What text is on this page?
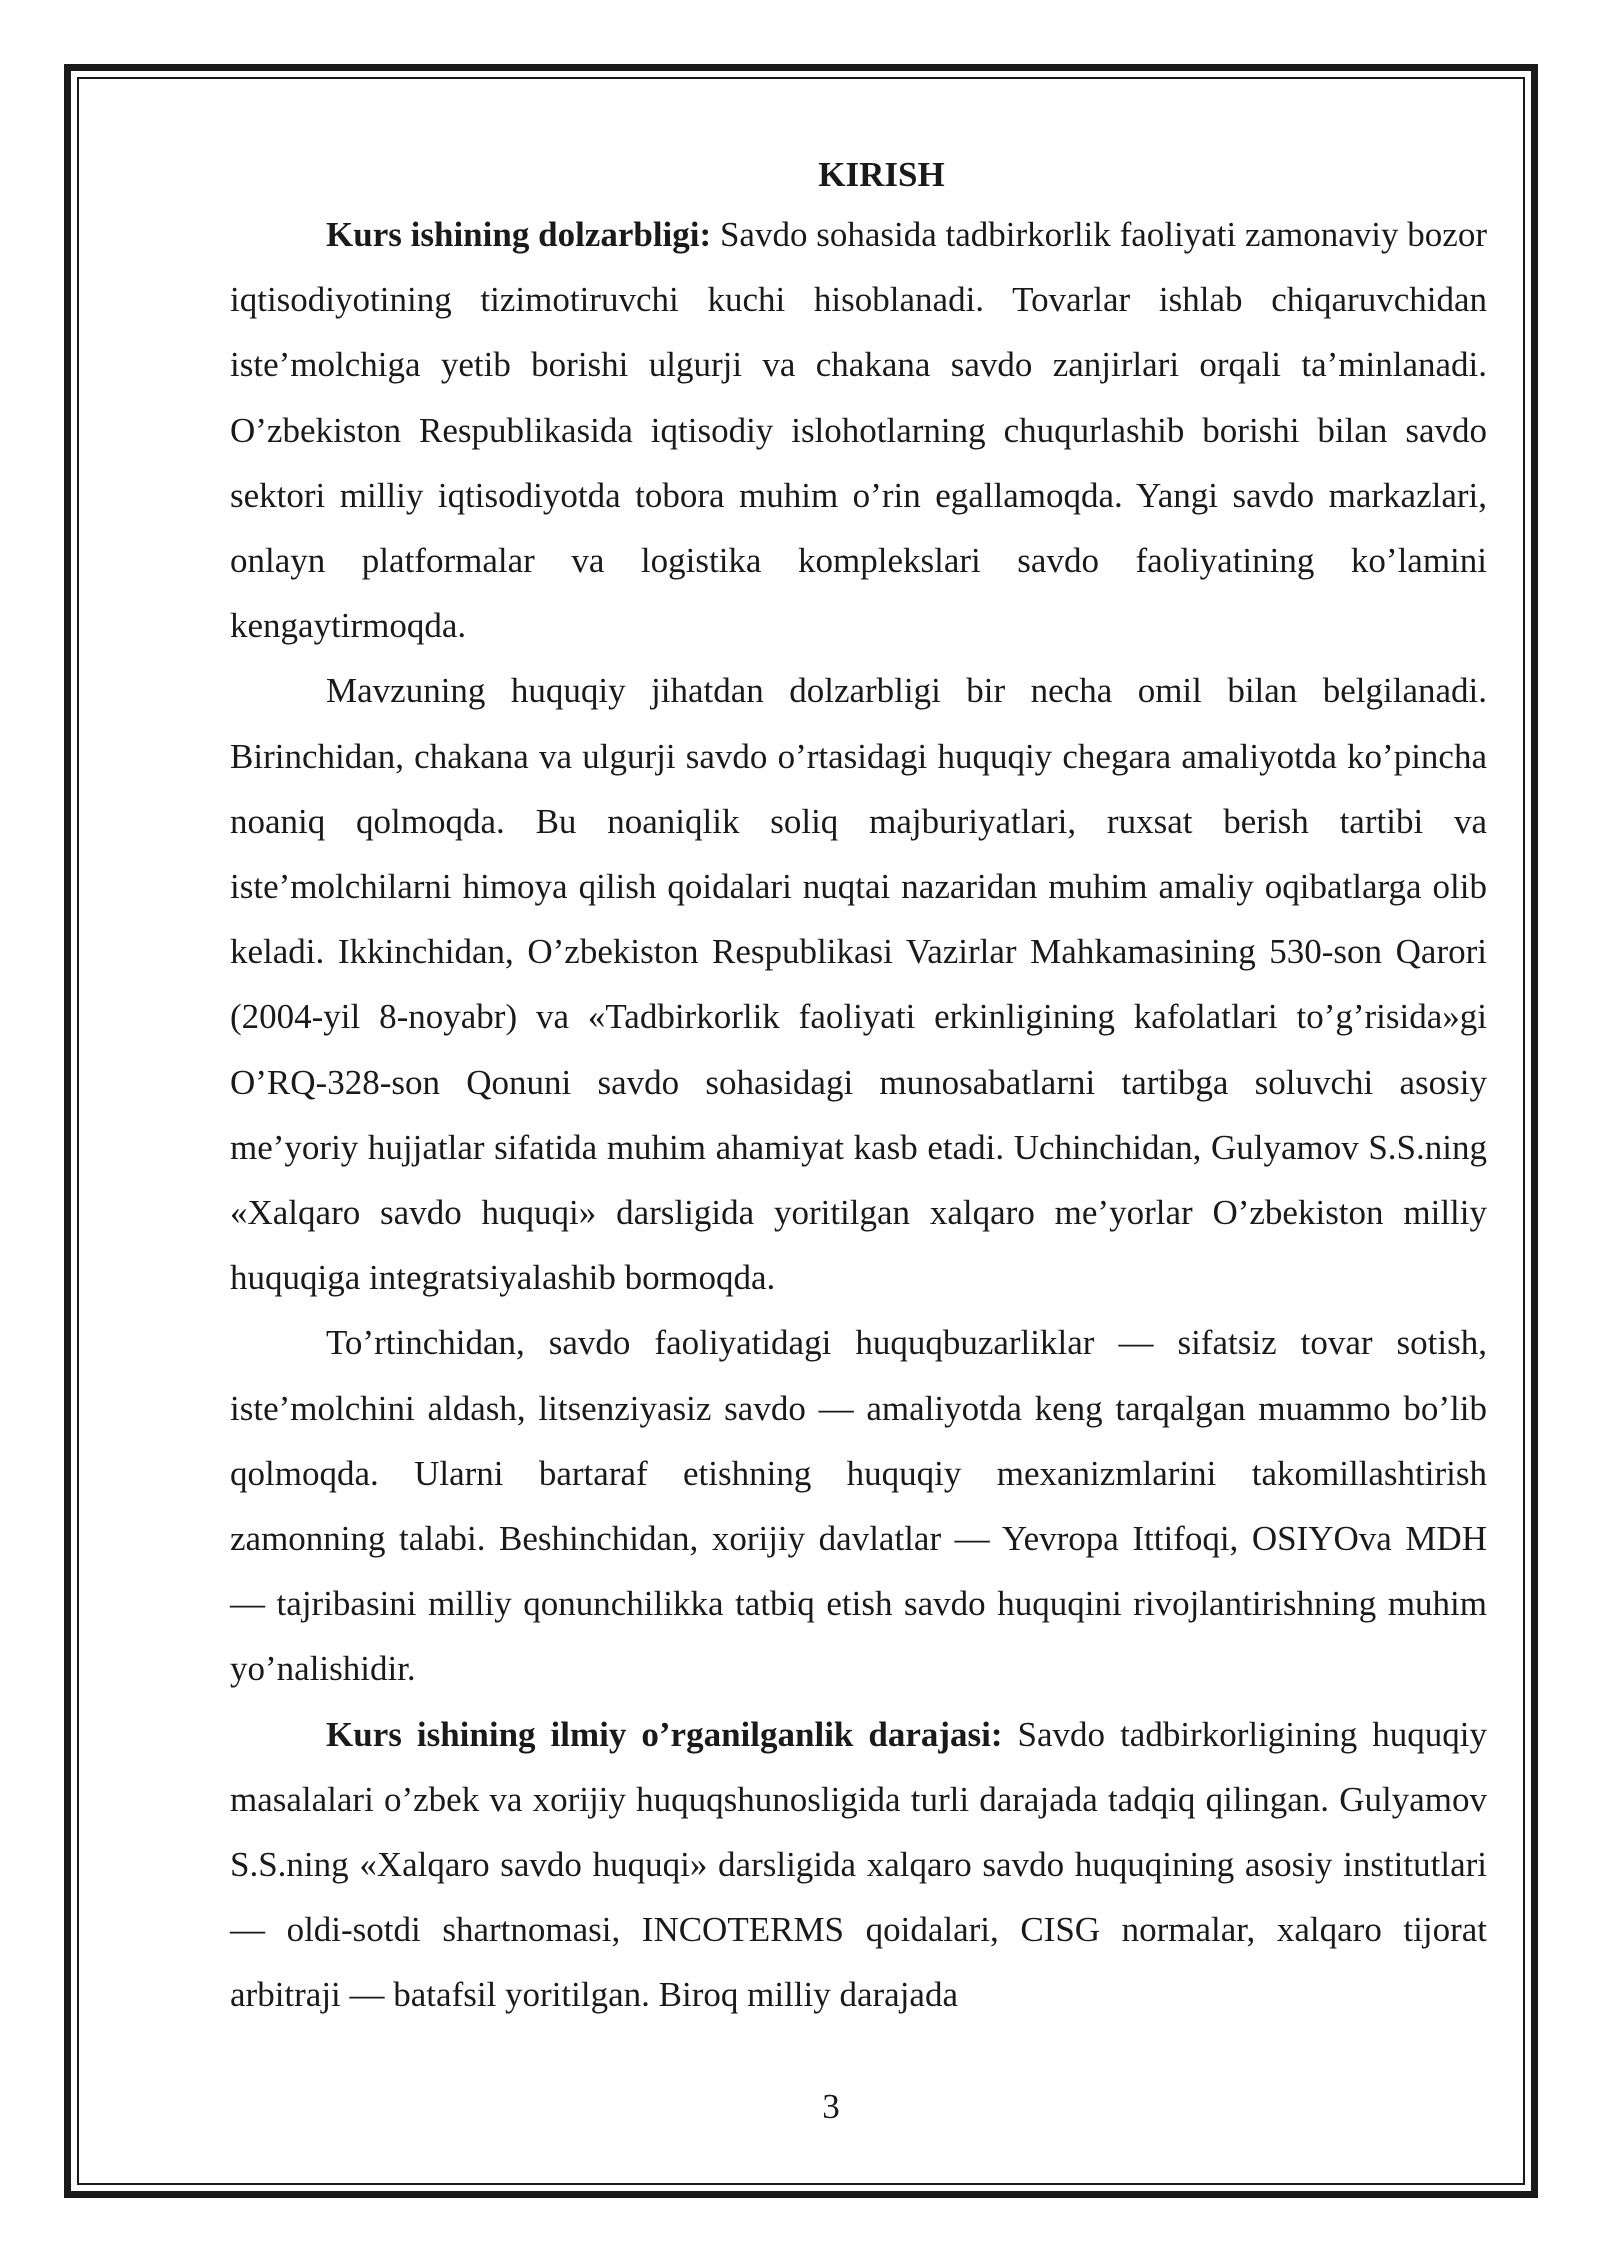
KIRISH

Kurs ishining dolzarbligi: Savdo sohasida tadbirkorlik faoliyati zamonaviy bozor iqtisodiyotining tizimotiruvchi kuchi hisoblanadi. Tovarlar ishlab chiqaruvchidan iste’molchiga yetib borishi ulgurji va chakana savdo zanjirlari orqali ta’minlanadi. O’zbekiston Respublikasida iqtisodiy islohotlarning chuqurlashib borishi bilan savdo sektori milliy iqtisodiyotda tobora muhim o’rin egallamoqda. Yangi savdo markazlari, onlayn platformalar va logistika komplekslari savdo faoliyatining ko’lamini kengaytirmoqda.

Mavzuning huquqiy jihatdan dolzarbligi bir necha omil bilan belgilanadi. Birinchidan, chakana va ulgurji savdo o’rtasidagi huquqiy chegara amaliyotda ko’pincha noaniq qolmoqda. Bu noaniqlik soliq majburiyatlari, ruxsat berish tartibi va iste’molchilarni himoya qilish qoidalari nuqtai nazaridan muhim amaliy oqibatlarga olib keladi. Ikkinchidan, O’zbekiston Respublikasi Vazirlar Mahkamasining 530-son Qarori (2004-yil 8-noyabr) va «Tadbirkorlik faoliyati erkinligining kafolatlari to’g’risida»gi O’RQ-328-son Qonuni savdo sohasidagi munosabatlarni tartibga soluvchi asosiy me’yoriy hujjatlar sifatida muhim ahamiyat kasb etadi. Uchinchidan, Gulyamov S.S.ning «Xalqaro savdo huquqi» darsligida yoritilgan xalqaro me’yorlar O’zbekiston milliy huquqiga integratsiyalashib bormoqda.

To’rtinchidan, savdo faoliyatidagi huquqbuzarliklar — sifatsiz tovar sotish, iste’molchini aldash, litsenziyasiz savdo — amaliyotda keng tarqalgan muammo bo’lib qolmoqda. Ularni bartaraf etishning huquqiy mexanizmlarini takomillashtirish zamonning talabi. Beshinchidan, xorijiy davlatlar — Yevropa Ittifoqi, OSIYOva MDH — tajribasini milliy qonunchilikka tatbiq etish savdo huquqini rivojlantirishning muhim yo’nalishidir.

Kurs ishining ilmiy o’rganilganlik darajasi: Savdo tadbirkorligining huquqiy masalalari o’zbek va xorijiy huquqshunosligida turli darajada tadqiq qilingan. Gulyamov S.S.ning «Xalqaro savdo huquqi» darsligida xalqaro savdo huquqining asosiy institutlari — oldi-sotdi shartnomasi, INCOTERMS qoidalari, CISG normalar, xalqaro tijorat arbitraji — batafsil yoritilgan. Biroq milliy darajada

3
